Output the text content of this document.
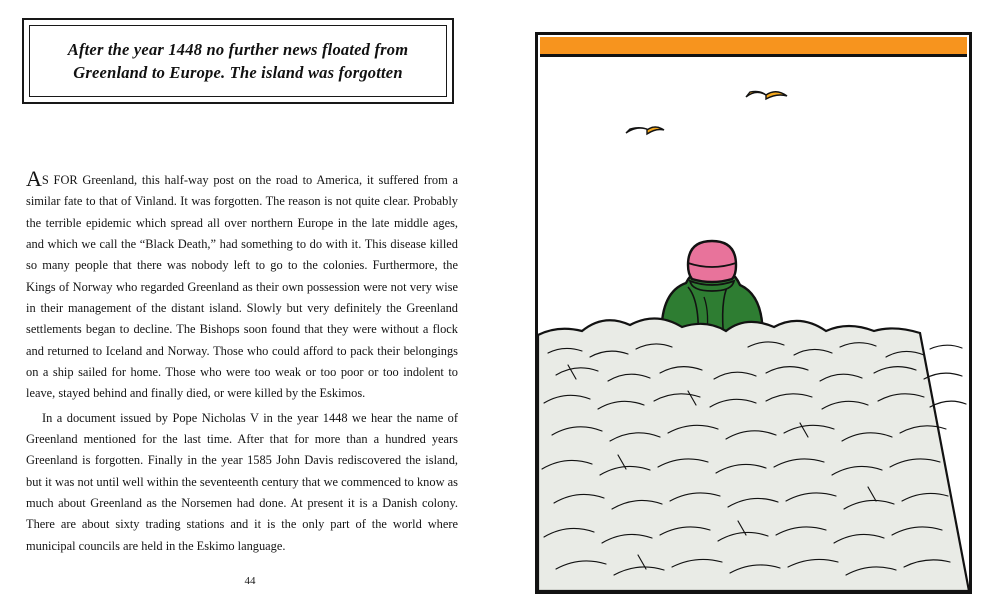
After the year 1448 no further news floated from Greenland to Europe. The island was forgotten

AS FOR Greenland, this half-way post on the road to America, it suffered from a similar fate to that of Vinland. It was forgotten. The reason is not quite clear. Probably the terrible epidemic which spread all over northern Europe in the late middle ages, and which we call the “Black Death,” had something to do with it. This disease killed so many people that there was nobody left to go to the colonies. Furthermore, the Kings of Norway who regarded Greenland as their own possession were not very wise in their management of the distant island. Slowly but very definitely the Greenland settlements began to decline. The Bishops soon found that they were without a flock and returned to Iceland and Norway. Those who could afford to pack their belongings on a ship sailed for home. Those who were too weak or too poor or too indolent to leave, stayed behind and finally died, or were killed by the Eskimos.

In a document issued by Pope Nicholas V in the year 1448 we hear the name of Greenland mentioned for the last time. After that for more than a hundred years Greenland is forgotten. Finally in the year 1585 John Davis rediscovered the island, but it was not until well within the seventeenth century that we commenced to know as much about Greenland as the Norsemen had done. At present it is a Danish colony. There are about sixty trading stations and it is the only part of the world where municipal councils are held in the Eskimo language.

44
